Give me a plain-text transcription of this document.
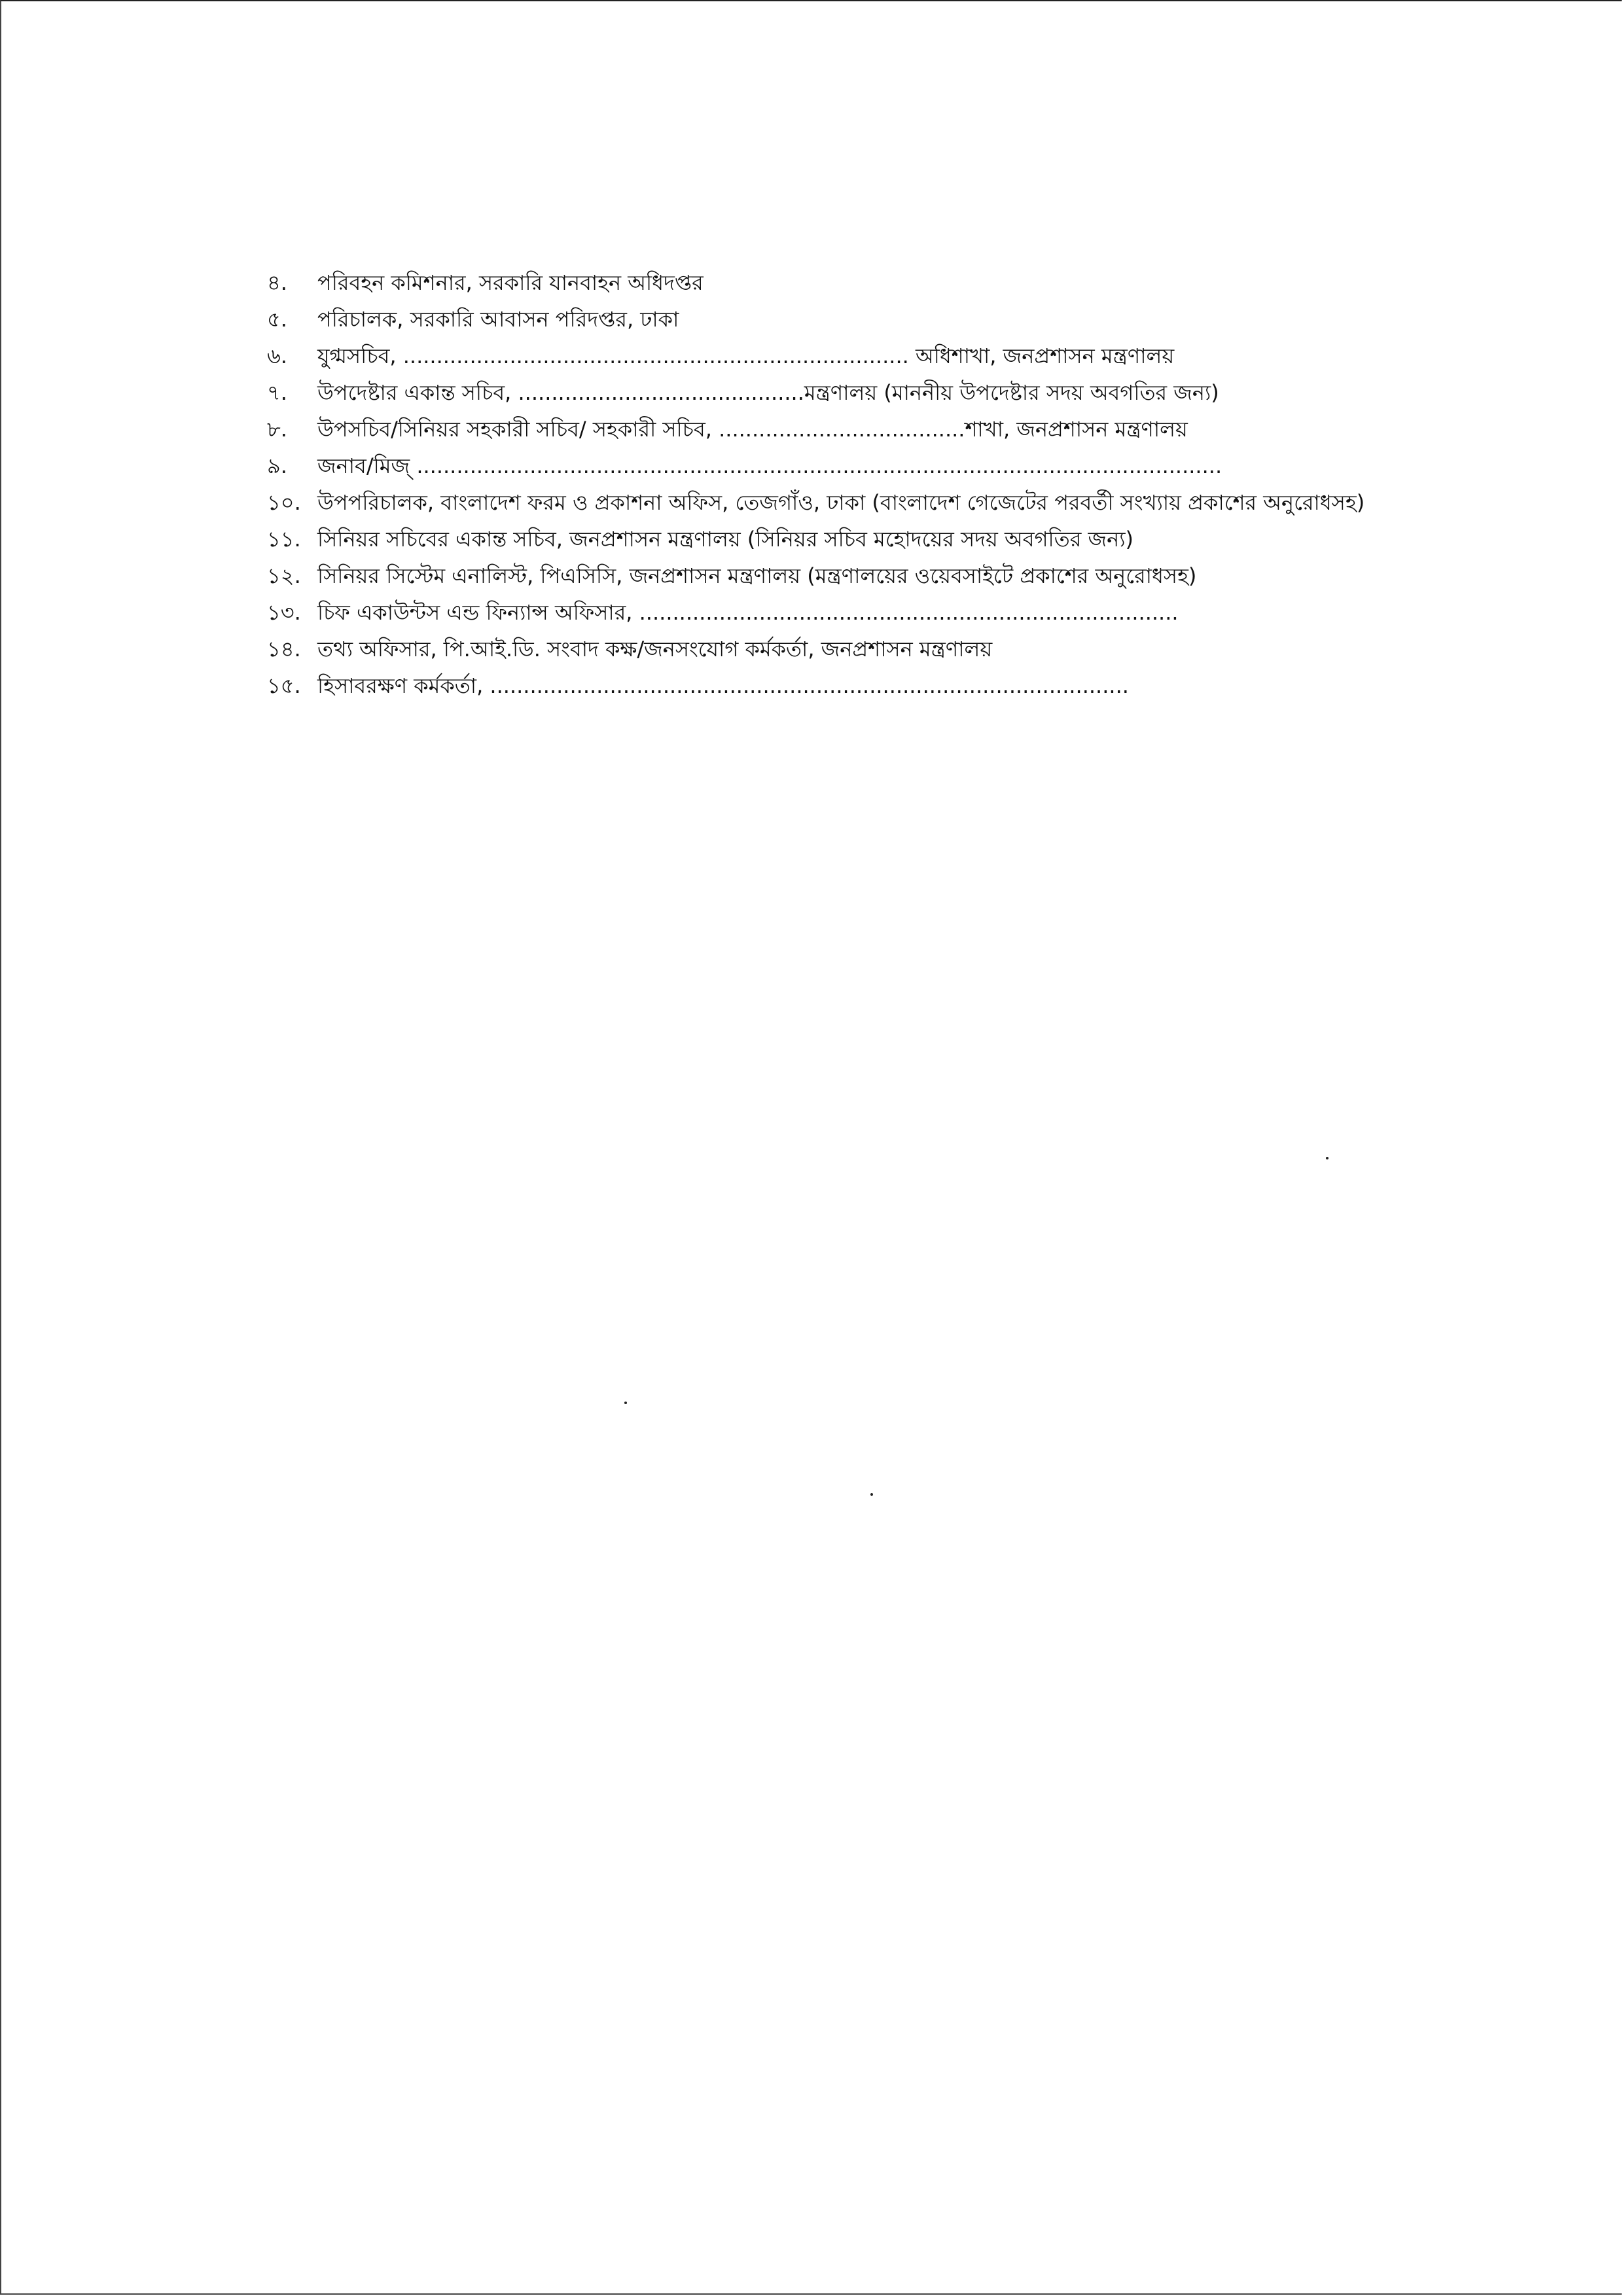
৪.	পরিবহন কমিশনার, সরকারি যানবাহন অধিদপ্তর
৫.	পরিচালক, সরকারি আবাসন পরিদপ্তর, ঢাকা
৬.	যুগ্মসচিব, ............................................................................ অধিশাখা, জনপ্রশাসন মন্ত্রণালয়
৭.	উপদেষ্টার একান্ত সচিব, ...........................................মন্ত্রণালয় (মাননীয় উপদেষ্টার সদয় অবগতির জন্য)
৮.	উপসচিব/সিনিয়র সহকারী সচিব/ সহকারী সচিব, .....................................শাখা, জনপ্রশাসন মন্ত্রণালয়
৯.	জনাব/মিজ্ .........................................................................................................................
১০. উপপরিচালক, বাংলাদেশ ফরম ও প্রকাশনা অফিস, তেজগাঁও, ঢাকা (বাংলাদেশ গেজেটের পরবর্তী সংখ্যায় প্রকাশের অনুরোধসহ)
১১. সিনিয়র সচিবের একান্ত সচিব, জনপ্রশাসন মন্ত্রণালয় (সিনিয়র সচিব মহোদয়ের সদয় অবগতির জন্য)
১২. সিনিয়র সিস্টেম এনালিস্ট, পিএসিসি, জনপ্রশাসন মন্ত্রণালয় (মন্ত্রণালয়ের ওয়েবসাইটে প্রকাশের অনুরোধসহ)
১৩. চিফ একাউন্টস এন্ড ফিন্যান্স অফিসার, .................................................................................
১৪. তথ্য অফিসার, পি.আই.ডি. সংবাদ কক্ষ/জনসংযোগ কর্মকর্তা, জনপ্রশাসন মন্ত্রণালয়
১৫. হিসাবরক্ষণ কর্মকর্তা, ................................................................................................
